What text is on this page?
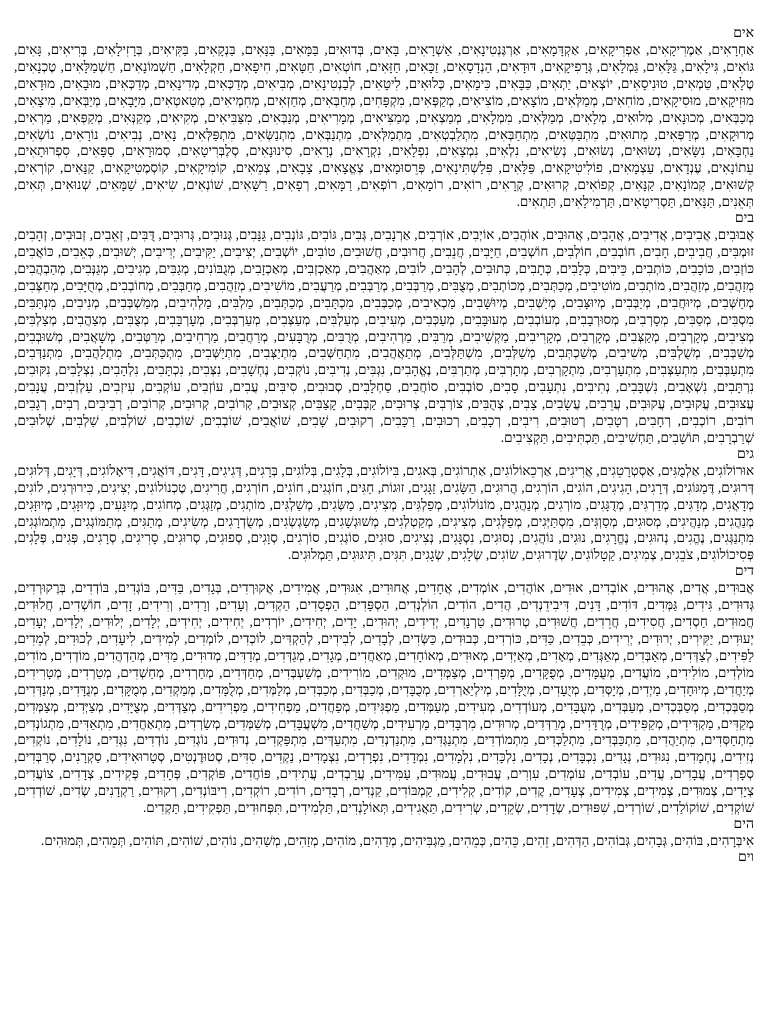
אים

אַחְרָאִים, אַמֶרִיקָאִים, אַפְרִיקָאִים, אַקְדָּמָאִים, אַרְגֶּנְטִינָאִים, אַשְׁרָאִים, בָּאִים, בְּדוּאִים, בַּמָּאִים, בַּנָּאִים, בַּנְקָאִים, בַּקִּיאִים, בְּרָזִילָאִים, בְּרִיאִים, גָּאִים, גּוֹאִים, גִּילָאִים, גַּלָּאִים, גַּמְלָאִים, גְּרָפִיקָאִים, דּוּדָאִים, הַנְדָסָאִים, זַכָּאִים, חַזָּאִים, חוֹטְאִים, חַטָּאִים, חִיפָאִים, חַקְלָאִים, חַשְׁמוֹנָאִים, חַשְׁמַלָּאִים, טֶכְנָאִים, טֶלָאִים, טַמְאִים, טוּנִיסָאִים, יוֹצְאִים, יַתְאִים, כַּבָּאִים, כִּימָאִים, כְּלוּאִים, לִיטָאִים, לְבַנְטִינָאִים, מְבִיאִים, מְדַכְּאִים, מְדִינָאִים, מְדַכְּאִים, מוּבָאִים, מוּדָאִים, מוּזִיקָאִים, מוּסִיקָאִים, מוֹחִאִים, מְמַלְּאִים, מוֹצָאִים, מוֹצִיאִים, מְקַפְּאִים, מִקְפָּחִים, מְחַבְּאִים, מְחַזְאִים, מְחִמְיאִים, מְטַאטְאִים, מִיָּבָאִים, מְיַבְּאִים, מִיצָאִים, מְכַבְּאִים, מְכוּנָאִים, מְלוּאִים, מְלָאִים, מְמַלְּאִים, מִמְלָאִים, מְמַצְאִים, מְמַצִּיאִים, מְמָרִיאִים, מְנַבְּאִים, מִצַּבִּיאִים, מְקִיאִים, מְקַנְּאִים, מְקַפְּאִים, מַרְאִים, מְרוּקָאִים, מְרַפְּאִים, מְתוּאִים, מִתְבַּטְּאִים, מִתְחַבְּאִים, מִתְלַבְטְאִים, מִתְמַלְּאִים, מִתְנַבְּאִים, מִתְנַשְּׂאִים, מִתְפַּלְּאִים, נָאִים, נְבִיאִים, נוֹרָאִים, נוֹשְׂאִים, נַחְבָּאִים, נִשָּׂאִים, נְשׂוּאִים, נְשׂוּאִים, נְשִׂיאִים, נִלְאִים, נִמְצָאִים, נִפְלָאִים, נִקְרָאִים, נְרָאִים, סִינוּנָאִים, סְלֶבְּרִיטָאִים, סְמוּרָאִים, סַפָּאִים, סִפְרוּתָאִים, עֵתוֹנָאִים, עֶנְדָאִים, עַצְמָאִים, פוֹלִיטִיקָאִים, פַּלָּאִים, פִּלַשְׁתִּינָאִים, פְּרֵסוּמָאִים, צְאֱצָאִים, צָבָאִים, צְמֵאִים, קוֹמִיקָאִים, קוֹסְמֶטִיקָאִים, קַנָּאִים, קוֹרְאִים, קְשׁוּאִים, קְמוֹנָאִים, קַנָּאִים, קְפוֹאִים, קְרוּאִים, קְרָאִים, רוֹאִים, רוֹמָאִים, רוֹפְאִים, רַמָּאִים, רְפָאִים, רַשָּׁאִים, שׁוֹנְאִים, שִׂיאִים, שַׁמָּאִים, שְׁנוּאִים, תְּאִים, תְּאֵנִים, תַּנָּאִים, תַּסְרִיטָאִים, תַּרְמִילָאִים, תַּתְאִים.

בים

אֲבוּבִים, אֲבִיבִים, אֲדִיבִים, אֲהָבִים, אֲהוּבִים, אוֹהֲבִים, אוֹיְבִים, אוֹרְבִים, אַרְנָבִים, גְּבִים, גּוֹבִים, גּוֹנְבִים, גַּנָּבִים, גְּנוּבִים, גְּרוּבִים, דֻּבִּים, זְאֵבִים, זְבוּבִים, זְהָבִים, זוּמְבִּים, חֲבִיבִים, חָבִים, חוֹבְבִים, חוֹלְבִים, חוֹשְׁבִים, חַיָּבִים, חֲנֵבִים, חֲרוּבִים, חֲשׁוּבִים, טוֹבִים, יוֹשְׁבִים, יְצִיבִים, יַקִּיבִים, יְרִיבִים, יְשׁוּבִים, כְּאֵבִים, כּוֹאֲבִים, כּוֹזְבִים, כּוֹכָבִים, כּוֹתְבִים, כֵּיבִים, כְּלָבִים, כְּתָבִים, כְּתוּבִים, לְהָבִים, לוֹבִים, מְאַהֲבִים, מְאַכְזְבִים, מְאַכְזָבִים, מְגֻבּוֹנִים, מְגַבִּים, מְגִיבִים, מְגַנְּבִים, מְהַבְהֲבִים, מְזַהֲבִים, מְזַהֲבִים, מוֹתְבִים, מוֹטִיבִים, מְכַתְּבִים, מְכוֹתְבִים, מְצֻבִּים, מְרַבְּבִים, מְרַבְּבִים, מְרַעֲבִים, מוֹשִׁיבִים, מְזַהֲבִים, מְחַבְּבִים, מְחוֹבְבִים, מְחֻיָּבִים, מְחַצְּבִים, מְחַשְּׁבִים, מְיוּחֲבִים, מְיַבְּבִים, מְיוּצָּבִים, מְיַשְּׁבִים, מְיוּשָּׁבִים, מַכְאִיבִים, מְכַבְּבִים, מִכְתָּבִים, מְכַתְּבִים, מַלְבִּים, מַלְהִיבִים, מְמַשְׁבְּבִים, מְנִיבִים, מִנְתַּבִּים, מִסְבִּים, מְסַבִּים, מְסָרְבִים, מְסוּרְבָבִים, מְעוֹבְבִים, מְעוּבָּבִים, מְעַכְּבִים, מְעִיבִים, מְעַלְבִּים, מְעַצְּבִים, מְעַרְבְּבִים, מְעָרְבָּבִים, מְצֻבִּים, מְצַהֲבִים, מְצַלְבִּים, מְצִיבִים, מְקָרְבִים, מְקַצְּבִים, מְקָרְבִים, מְקָרִיבִים, מַקְשִׁיבִים, מְרַבִּים, מַרְהִיבִים, מְרֻבִּים, מְרֻבָּעִים, מְרַחֲבִים, מַרְחִיבִים, מְרַטְּבִים, מְשָׁאֲבִים, מְשׁוּבְבִים, מְשַׁבְּבִים, מְשֻׁלְבִּים, מְשִׁיבִים, מְשַׁכְתְּבִים, מְשַׁלְּבִים, מִשְׁתַּלְּבִים, מְתַאֲהֲבִים, מִתְחַשְּׁבִים, מִתְיַצְּבִים, מִתְיַשְּׁבִים, מִתְכַּתְּבִים, מִתְלַהֲבִים, מִתְנַדְּבִים, מִתְעַבְּבִים, מִתְעַצְּבִים, מִתְעָרְבִים, מִתְקָרְבִים, מְתָרְבִים, מְתַרְבִּים, נֶאֱהָבִים, נִגְבִּים, נְדִיבִים, נוֹקְבִים, נֶחְשָׁבִים, נִצְּבִים, נִכְתָּבִים, נִלְהָבִים, נִצְלָבִים, נִקּוּבִים, נִרְתָּבִים, נִשְׁאָבִים, נִשְׁבָּבִים, נְתִיבִים, נִתְעָבִים, סָבִים, סוֹבְבִים, סוֹחֲבִים, סַחְלָבִים, סְבוּבִים, סִיבִּים, עֲבִים, עוֹזְבִים, עוֹקְבִים, עִיזְבִים, עַלְזְבִים, עֲנָבִים, עֲצוּבִים, עֲקוּבִים, עֲקוּבִים, עֲרֵבִים, עֲשָׂבִים, צָבִים, צְהֻבִּים, צוֹרְבִים, צְרוּבִים, קַבְּבִים, קָצַבִּים, קְצוּבִים, קְרוֹבִים, קְרוּבִים, קְרוֹבִים, רְבִיבִים, רְבִים, רְגָבִים, רוֹבִים, רוֹכְבִים, רְחָבִים, רְטָבִים, רְטוּבִים, רִיבִים, רְכָבִים, רְכוּבִים, רַכָּבִים, רְקוּבִים, שָׁבִים, שׁוֹאֲבִים, שׁוֹבְבִים, שׁוֹכְבִים, שׁוֹלְבִים, שַׁלְבִים, שְׁלוּבִים, שְׁרַבְרָבִים, תּוֹשָׁבִים, תַּחְשִׁיבִים, תַּכְתִּיבִים, תַּקְצִיבִים.

גים

אוּרוֹלוֹגִים, אַלְמֻגִּים, אַסְטְרָטֵגִים, אֲרִיגִים, אַרְכֵאוֹלוֹגִים, אַתְרוֹגִים, בְּאגִים, בִּיוֹלוֹגִים, בְּלָגִים, בְּלוֹגִים, בְּרָגִים, דְּגִיגִים, דָּגִים, דּוֹאֲגִים, דִּיאָלוֹגִים, דְּיָגִים, דְּלוּגִים, דְּרוּגִים, דֶּמַגּוֹגִים, דְּרָגִים, הָגִיגִים, הוֹגִים, הוֹרְגִים, הֲרוּגִים, הַשָּׂגִים, זַגָּגִים, זוּגוֹת, חַגִּים, חוֹגְגִים, חוֹגִים, חוֹרְגִים, חֲרִיגִים, טֶכְנוֹלוֹגִים, יְצִיגִים, כִּירוּרְגִים, לוֹגִים, מְדָאֲגִים, מְדָגִּים, מְדַרְגִּים, מְדֻגָּגִים, מוֹרְגִים, מְנַהֲגִים, מוֹנוֹלוֹגִים, מְפַלְגִּים, מְצִיגִים, מַשְּׂגִים, מְשַׁלְגִּים, מוֹתְגִים, מְזַגְּגִים, מְחוֹגִים, מְיִגָּעִים, מְיוּזָּגִים, מְיוּזָּגִים, מְנַהֲגִים, מְנַהֲיגִים, מְסוּגִים, מְסַוְגִּים, מִסְתַּיְּגִים, מְפַלְּגִים, מְצִיגִים, מְקַטְלְגִים, מְשׁוּגְשָׁגִים, מְשַׂגְשְׂגִים, מְשֻׂדְרָגִים, מְשִׂיגִים, מְתַגִּים, מְתַמּוֹגְגִים, מִתְמוֹגְגִים, מִתְנַגְּגִים, נֶהֱגִים, נְהוּגִים, נֶחֱרָגִים, נוּגִים, נוֹהֲגִים, נְסוּגִים, נִסְגָּגִים, נְצִיגִים, סוּגִים, סוֹגְגִים, סוֹרְגִים, סְוָגִים, סְפוּגִים, סְרוּגִים, סָרִיגִים, סְרָגִים, פְּגִים, פְּלָגִים, פְּסִיכוֹלוֹגִים, צֹבֵגִים, צְמִיגִים, קַטָלוֹגִים, שְׂדֶרוּגִים, שׂוֹגִים, שְׂלָגִים, שְׂגָגִים, תִּגִּים, תִּיגּוּגִים, תַּמְלוּגִים.

דים

אֲבוּדִים, אֲדִים, אֲהוּדִים, אוֹבְדִים, אוּדִים, אוֹהֲדִים, אוֹמְדִים, אֲחָדִים, אֲחוּדִים, אִגּוּדִים, אֲמִידִים, אֲקוּרְדִים, בְּגָדִים, בַּדִּים, בּוֹגְדִים, בּוֹדְדִים, בְּרֶקוּרְדִים, גְּדוּדִים, גִּידִים, גַּמְּדִים, דּוֹדִים, דָּנִים, דִּיבִידֵנְדִים, הֲדִים, הוֹדִים, הוֹלְנְדִים, הַסְפָּדִים, הַפְסָדִים, הַקְדִים, וְעָדִים, וְרָדִים, וְרִידִים, זָדִים, חוֹשְׁדִים, חֲלוּדִים, חֲמוּדִים, חַסְדִים, חֲסִידִים, חֲרֵדִים, חֲשׁוּדִים, טְרוּדִים, טַרְנָדִים, יְדִידִים, יְהוּדִים, יָדִים, יְחִידִים, יוֹרְדִים, יְחִידִים, יְחִידִים, יְלָדִים, יְלוּדִים, יְלָדִים, יְעָדִים, יְעוּדִים, יַקִּירִים, יְרוּדִים, יְרִידִים, כְּבֵדִים, כַּדִּים, כּוֹרְדִים, כְּבוּדִים, כַּשְּׂדִים, לְבָדִים, לְבִידִים, לְהַקְדִּים, לוֹכְדִים, לוֹמְדִים, לְמִידִים, לִיעָדִים, לְכוּדִים, לְמֵדִים, לַפִּידִים, לְצַדְּדִים, מְאַבְּדִים, מְאַגְּדִים, מְאָדִים, מְאַיְּדִים, מְאוּדִים, מְאוֹחָדִים, מְאַחֲדִים, מְגָדִים, מְגַדְּדִים, מְדַדִּים, מְדוּדִים, מַדִּים, מְהַדְהֲדִים, מוֹדְדִים, מוֹדִים, מוֹלְדִים, מוֹלִידִים, מוֹעֲדִים, מְעֻמָּדִים, מְפֻקָּדִים, מְפָרְדִים, מְצַמְּדִים, מוּקְדִים, מוֹרִידִים, מְשַׁעְבְּדִים, מְחַדְּדִים, מְחַרְדִים, מְחַשְׁדִים, מְטַרְדִים, מְטָרִידִים, מְיַחֲדִים, מְיוּחָדִים, מַיְדִים, מְיָסְּדִים, מְיֻעָדִים, מְיֻלָּדִים, מְילְיַאַרְדִים, מְכֻבָּדִים, מְכַבְּדִים, מְכַבְּדִים, מְלַמְּדִים, מְלֻמָּדִים, מְמַקְדִים, מְמֻקָּדִים, מְנֻדָּדִים, מְנַדְּדִים, מְסַבְּכְדִים, מְסַבְּכְדִים, מְעַבְּדִים, מְעֻבָּדִים, מְעוֹדְדִים, מְעִידִים, מְעַמְּדִים, מַפְגִּידִים, מְפַחֲדִים, מַפְחִידִים, מַפְרִידִים, מְצַדְּדִים, מְצֻיָּדִים, מְצַיְּדִים, מְצַמְּדִים, מְקַדִּים, מַקְדִּידִים, מְקַפִּידִים, מְרֻדָּדִים, מְרַדְּדִים, מְרוּדִים, מִרְבָּדִים, מַרְעִידִים, מְשַׁחֲדִים, מִשְׁעֲבָּדִים, מְשַׁמְּדִים, מְשַׂרְדִים, מִתְאַחֲדִים, מִתְאַדִּים, מִתְגוֹנְדִים, מִתְחַסְּדִים, מִתְיַהֲדִים, מִתְכַּבְּדִים, מִתְלַכְּדִים, מִתְמוֹדְדִים, מִתְנַגְּדִים, מִתְנַדְנְדִים, מִתְעַדְּים, מִתְפַּקְדִים, נְדוּדִים, נוֹגְדִים, נוֹדְדִים, נִגְּדִים, נוֹלָדִים, נוֹקְדִים, נְזִידִים, נֶחְמָדִים, נִגּוּדִים, נְגָדִים, נִכְבָּדִים, נְכָדִים, נִלְכָּדִים, נִלְמָדִים, נִמְדָדִים, נִפְרָדִים, נִצְמָדִים, נַקְדִים, סִדִּים, סְטוּדֶנְטִים, סְטָרוּאִידִים, סַקְרָנִים, סְרַבְּדִים, סְפָרְדִים, עֲבָדִים, עֲדִים, עוֹבְדִים, עוֹמְדִים, עִוְרִים, עֲבוּדִים, עֲמוּדִים, עַמִּידִים, עֲרָבְדִים, עֲתִידִים, פּוֹחֲדִים, פּוֹקְדִים, פְּחָדִים, פְּקִידִים, צְדָדִים, צוֹעֲדִים, צְיָדִים, צְמוּדִים, צְמִידִים, צְמִידִים, צְעָדִים, קֶדִים, קוֹדִים, קְלִידִים, קַמְבּוֹדִים, קַנְדִים, רְבָדִים, רוֹדִים, רוֹקְדִים, רִיבּוֹנְדִים, רְקוּדִים, רַקְדָנִים, שְׂדִים, שׁוֹדְדִים, שׁוֹקְדִים, שׁוֹקוֹלַדִים, שׁוֹרְדִים, שִׁפּוּדִים, שְׂדָדִים, שְׂקֵדִים, שְׂרִידִים, תַּאֲגִידִים, תְּאוֹלָנְדִים, תַּלְמִידִים, תִּפְּחוּדִים, תַּפְקִידִים, תַּקְדִים.

הים

אִיבְּרָהִים, בּוֹהִים, גְּבָהִים, גְּבוֹהִים, הַדְּהִים, זֵהִים, כֵּהִים, כְּמֵהִים, מַגְבִּיהִים, מְדַהִים, מוֹהִים, מְזַהִים, מְשַׁהִים, נוֹהִים, שׁוֹהִים, תּוֹהִים, תְּמֵהִים, תְּמוּהִים.

וים
